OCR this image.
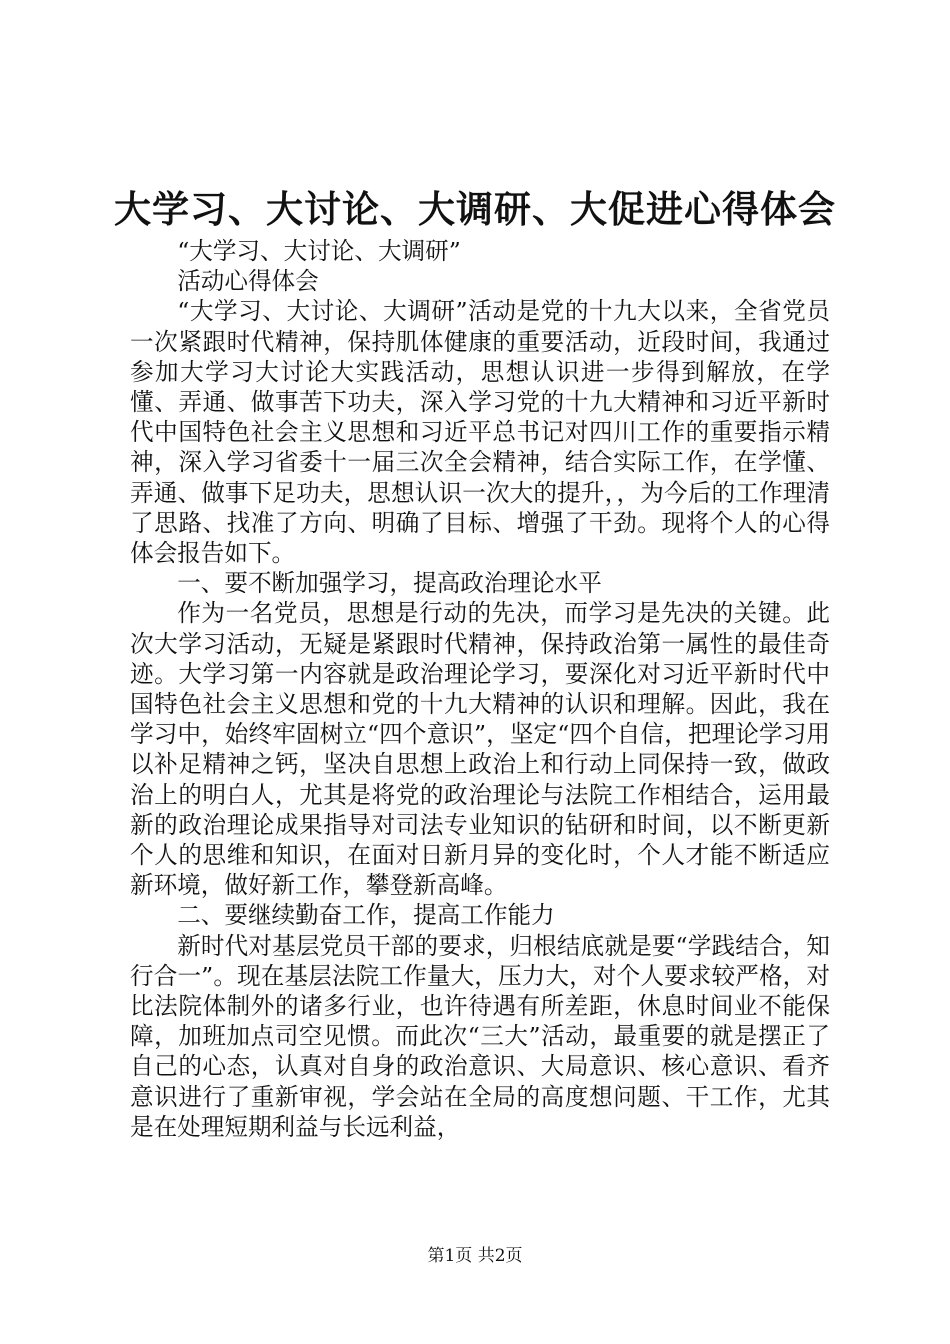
大学习、大讨论、大调研、大促进心得体会

“大学习、大讨论、大调研”

活动心得体会

“大学习、大讨论、大调研”活动是党的十九大以来，全省党员一次紧跟时代精神，保持肌体健康的重要活动，近段时间，我通过参加大学习大讨论大实践活动，思想认识进一步得到解放，在学懂、弄通、做事苦下功夫，深入学习党的十九大精神和习近平新时代中国特色社会主义思想和习近平总书记对四川工作的重要指示精神，深入学习省委十一届三次全会精神，结合实际工作，在学懂、弄通、做事下足功夫，思想认识一次大的提升，，为今后的工作理清了思路、找准了方向、明确了目标、增强了干劲。现将个人的心得体会报告如下。

一、要不断加强学习，提高政治理论水平

作为一名党员，思想是行动的先决，而学习是先决的关键。此次大学习活动，无疑是紧跟时代精神，保持政治第一属性的最佳奇迹。大学习第一内容就是政治理论学习，要深化对习近平新时代中国特色社会主义思想和党的十九大精神的认识和理解。因此，我在学习中，始终牢固树立“四个意识”，坚定“四个自信，把理论学习用以补足精神之钙，坚决自思想上政治上和行动上同保持一致，做政治上的明白人，尤其是将党的政治理论与法院工作相结合，运用最新的政治理论成果指导对司法专业知识的钻研和时间，以不断更新个人的思维和知识，在面对日新月异的变化时，个人才能不断适应新环境，做好新工作，攀登新高峰。

二、要继续勤奋工作，提高工作能力

新时代对基层党员干部的要求，归根结底就是要“学践结合，知行合一”。现在基层法院工作量大，压力大，对个人要求较严格，对比法院体制外的诸多行业，也许待遇有所差距，休息时间业不能保障，加班加点司空见惯。而此次“三大”活动，最重要的就是摆正了自己的心态，认真对自身的政治意识、大局意识、核心意识、看齐意识进行了重新审视，学会站在全局的高度想问题、干工作，尤其是在处理短期利益与长远利益，

第1页 共2页
